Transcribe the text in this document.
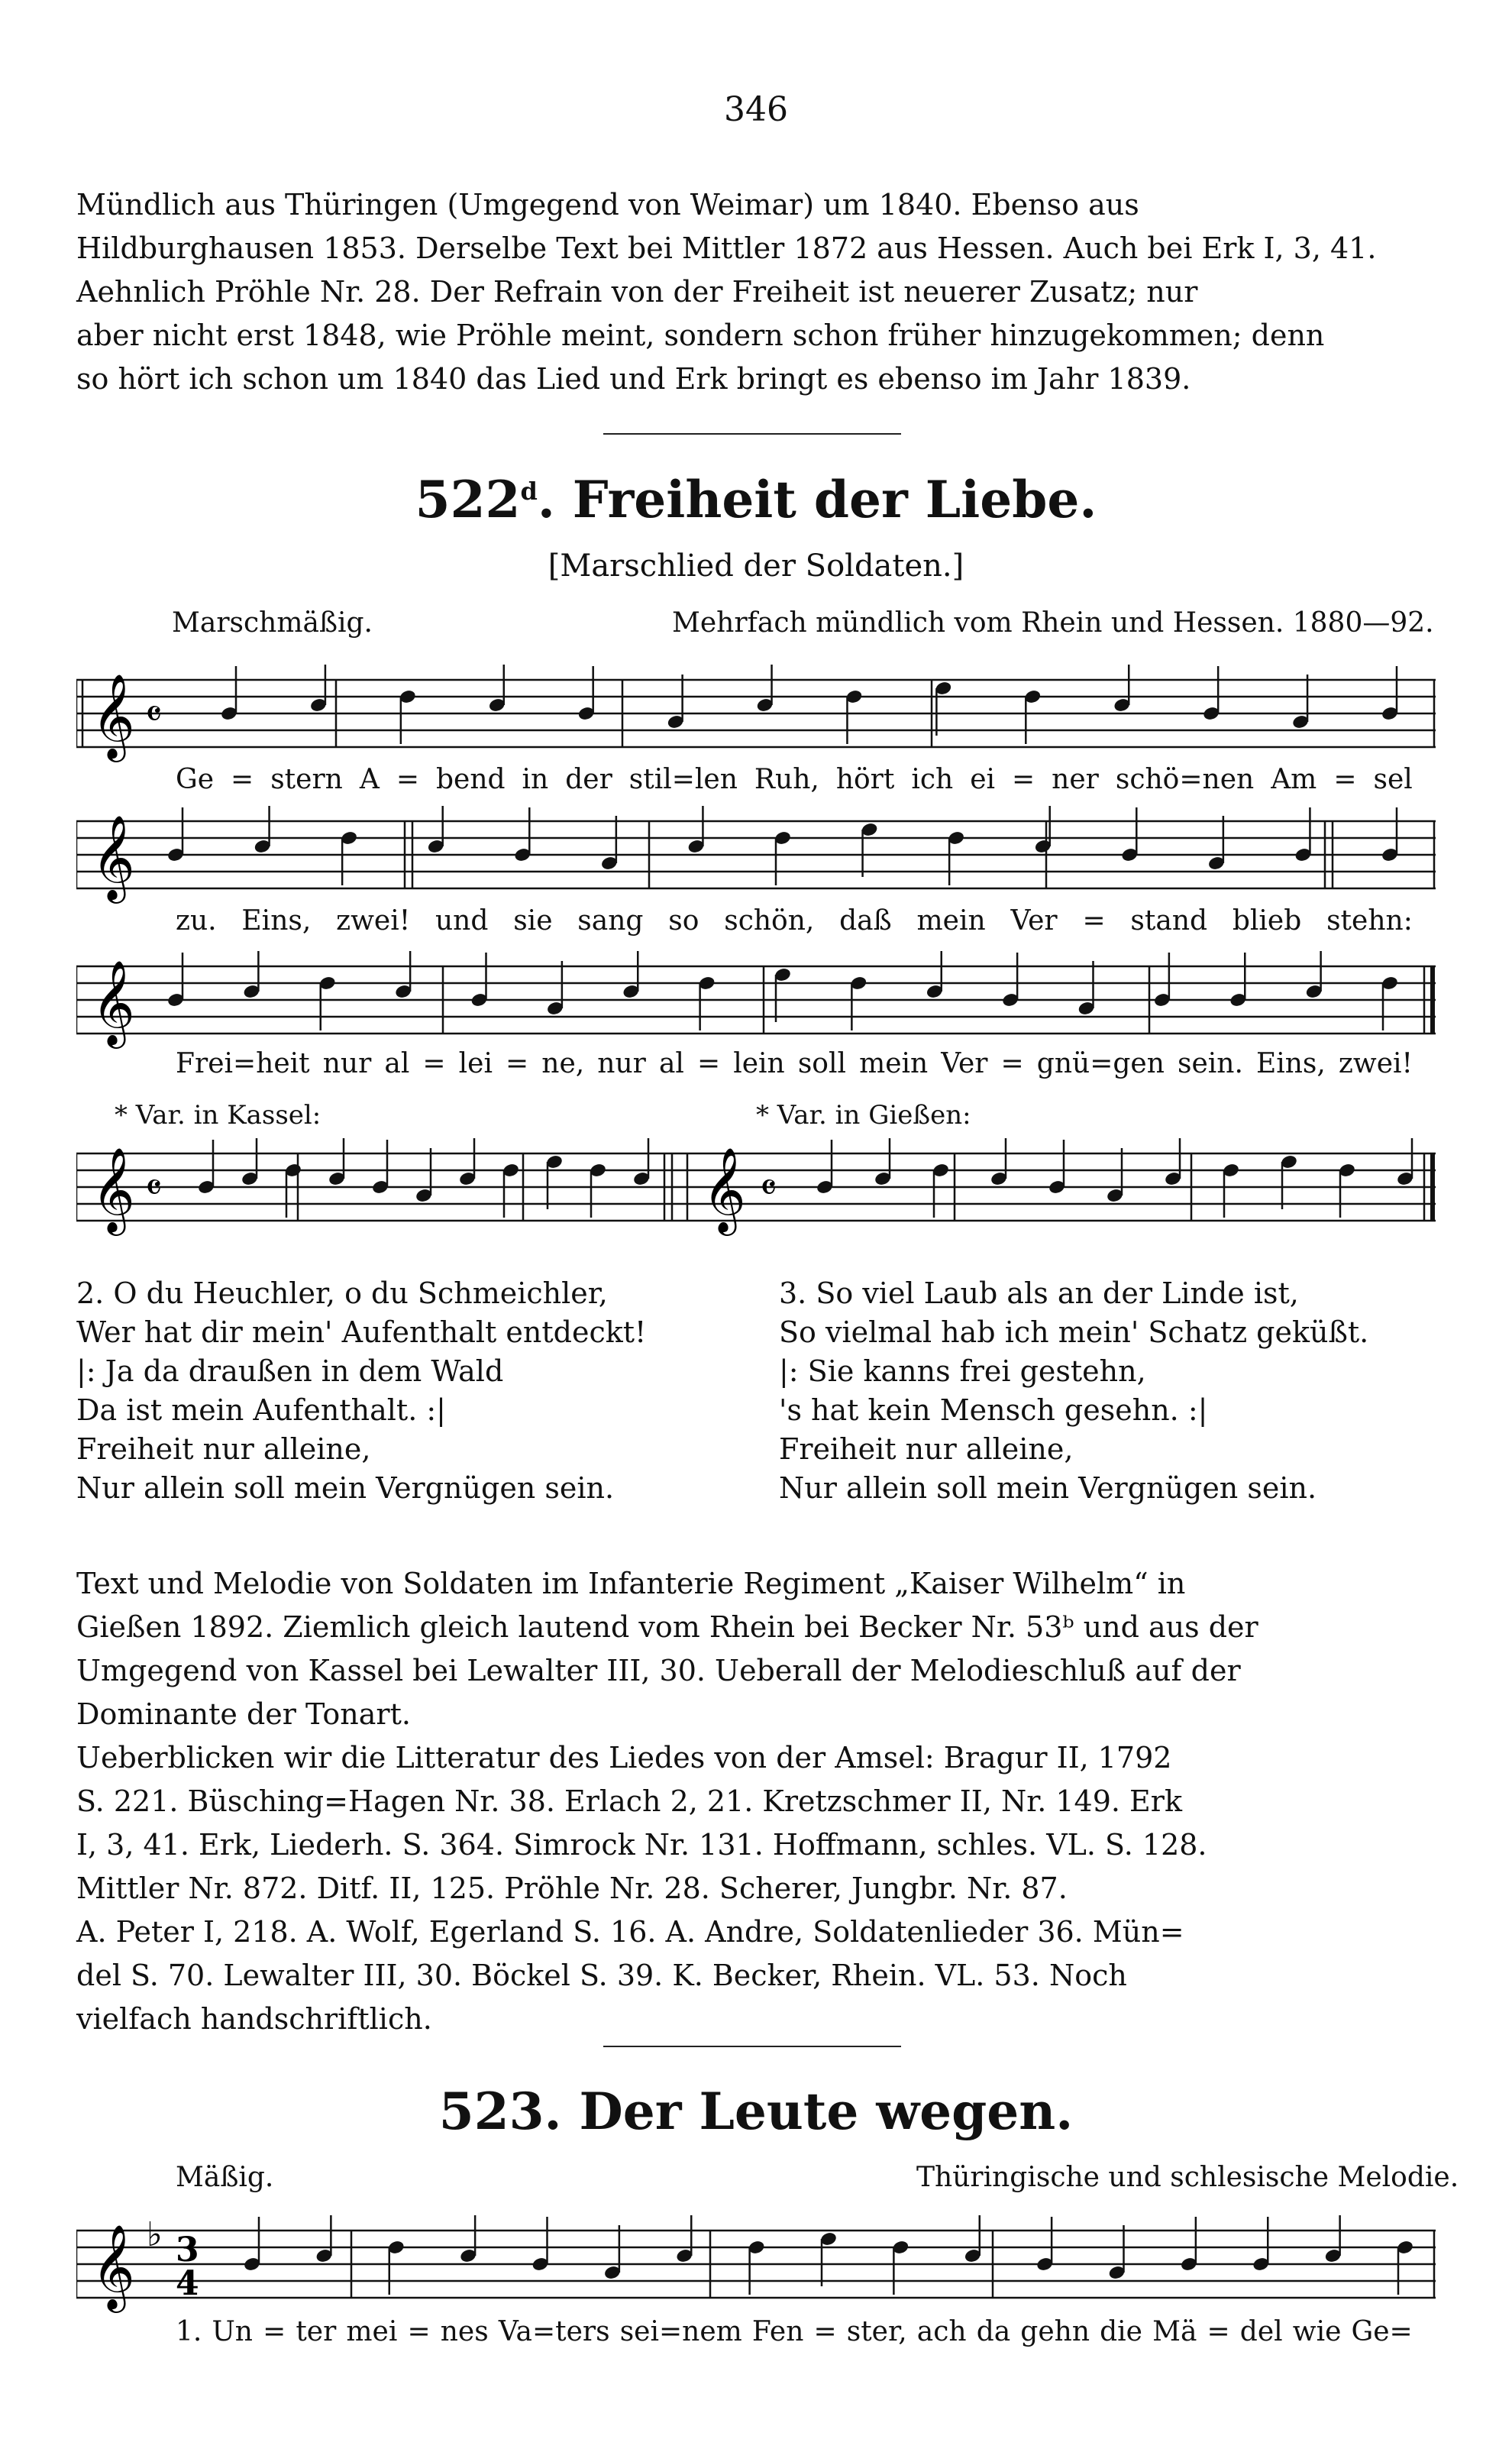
346
Mündlich aus Thüringen (Umgegend von Weimar) um 1840. Ebenso aus
Hildburghausen 1853. Derselbe Text bei Mittler 1872 aus Hessen. Auch bei Erk I, 3, 41.
Aehnlich Pröhle Nr. 28. Der Refrain von der Freiheit ist neuerer Zusatz; nur
aber nicht erst 1848, wie Pröhle meint, sondern schon früher hinzugekommen; denn
so hört ich schon um 1840 das Lied und Erk bringt es ebenso im Jahr 1839.
522$^d$. Freiheit der Liebe.
[Marschlied der Soldaten.]
Marschmäßig.	Mehrfach mündlich vom Rhein und Hessen. 1880—92.
𝄞 𝄴
Ge = stern A = bend in der stil=len Ruh, hört ich ei = ner schö=nen Am = sel
𝄞
zu. Eins, zwei! und sie sang so schön, daß mein Ver = stand blieb stehn:
𝄞
Frei=heit nur al = lei = ne, nur al = lein soll mein Ver = gnü=gen sein. Eins, zwei!
* Var. in Kassel:	* Var. in Gießen:
𝄞 𝄴	𝄞 𝄴
2. O du Heuchler, o du Schmeichler,
Wer hat dir mein' Aufenthalt entdeckt!
|: Ja da draußen in dem Wald
Da ist mein Aufenthalt. :|
Freiheit nur alleine,
Nur allein soll mein Vergnügen sein.
3. So viel Laub als an der Linde ist,
So vielmal hab ich mein' Schatz geküßt.
|: Sie kanns frei gestehn,
's hat kein Mensch gesehn. :|
Freiheit nur alleine,
Nur allein soll mein Vergnügen sein.
Text und Melodie von Soldaten im Infanterie Regiment „Kaiser Wilhelm“ in
Gießen 1892. Ziemlich gleich lautend vom Rhein bei Becker Nr. 53ᵇ und aus der
Umgegend von Kassel bei Lewalter III, 30. Ueberall der Melodieschluß auf der
Dominante der Tonart.
Ueberblicken wir die Litteratur des Liedes von der Amsel: Bragur II, 1792
S. 221. Büsching=Hagen Nr. 38. Erlach 2, 21. Kretzschmer II, Nr. 149. Erk
I, 3, 41. Erk, Liederh. S. 364. Simrock Nr. 131. Hoffmann, schles. VL. S. 128.
Mittler Nr. 872. Ditf. II, 125. Pröhle Nr. 28. Scherer, Jungbr. Nr. 87.
A. Peter I, 218. A. Wolf, Egerland S. 16. A. Andre, Soldatenlieder 36. Mün=
del S. 70. Lewalter III, 30. Böckel S. 39. K. Becker, Rhein. VL. 53. Noch
vielfach handschriftlich.
523. Der Leute wegen.
Mäßig.	Thüringische und schlesische Melodie.
𝄞 ♭ 3
4
1. Un = ter mei = nes Va=ters sei=nem Fen = ster, ach da gehn die Mä = del wie Ge=
